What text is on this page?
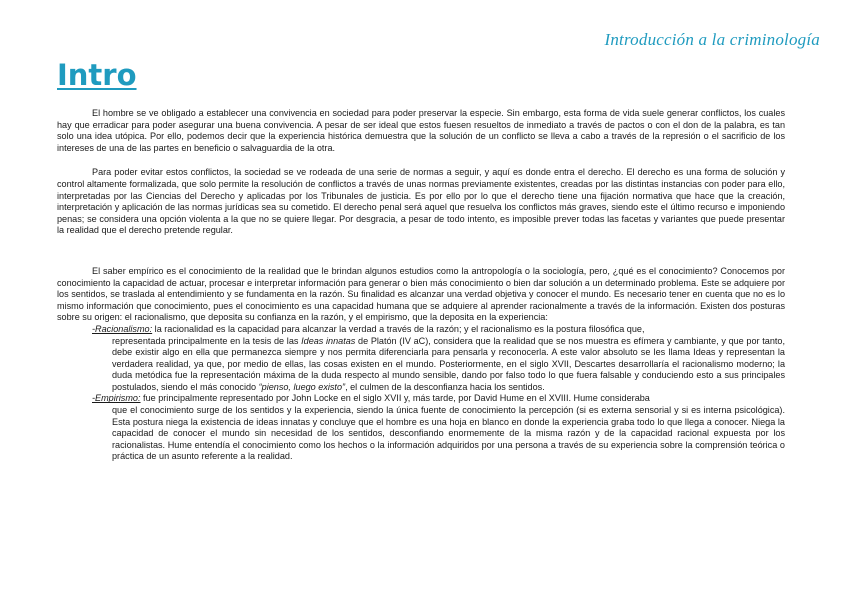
Introducción a la criminología
Intro

El hombre se ve obligado a establecer una convivencia en sociedad para poder preservar la especie. Sin embargo, esta forma de vida suele generar conflictos, los cuales hay que erradicar para poder asegurar una buena convivencia. A pesar de ser ideal que estos fuesen resueltos de inmediato a través de pactos o con el don de la palabra, es tan solo una idea utópica. Por ello, podemos decir que la experiencia histórica demuestra que la solución de un conflicto se lleva a cabo a través de la represión o el sacrificio de los intereses de una de las partes en beneficio o salvaguardia de la otra.

Para poder evitar estos conflictos, la sociedad se ve rodeada de una serie de normas a seguir, y aquí es donde entra el derecho. El derecho es una forma de solución y control altamente formalizada, que solo permite la resolución de conflictos a través de unas normas previamente existentes, creadas por las distintas instancias con poder para ello, interpretadas por las Ciencias del Derecho y aplicadas por los Tribunales de justicia. Es por ello por lo que el derecho tiene una fijación normativa que hace que la creación, interpretación y aplicación de las normas jurídicas sea su cometido. El derecho penal será aquel que resuelva los conflictos más graves, siendo este el último recurso e imponiendo penas; se considera una opción violenta a la que no se quiere llegar. Por desgracia, a pesar de todo intento, es imposible prever todas las facetas y variantes que puede presentar la realidad que el derecho pretende regular.

El saber empírico es el conocimiento de la realidad que le brindan algunos estudios como la antropología o la sociología, pero, ¿qué es el conocimiento? Conocemos por conocimiento la capacidad de actuar, procesar e interpretar información para generar o bien más conocimiento o bien dar solución a un determinado problema. Este se adquiere por los sentidos, se traslada al entendimiento y se fundamenta en la razón. Su finalidad es alcanzar una verdad objetiva y conocer el mundo. Es necesario tener en cuenta que no es lo mismo información que conocimiento, pues el conocimiento es una capacidad humana que se adquiere al aprender racionalmente a través de la información. Existen dos posturas sobre su origen: el racionalismo, que deposita su confianza en la razón, y el empirismo, que la deposita en la experiencia:

-Racionalismo: la racionalidad es la capacidad para alcanzar la verdad a través de la razón; y el racionalismo es la postura filosófica que,
representada principalmente en la tesis de las Ideas innatas de Platón (IV aC), considera que la realidad que se nos muestra es efímera y cambiante, y que por tanto, debe existir algo en ella que permanezca siempre y nos permita diferenciarla para pensarla y reconocerla. A este valor absoluto se les llama Ideas y representan la verdadera realidad, ya que, por medio de ellas, las cosas existen en el mundo. Posteriormente, en el siglo XVII, Descartes desarrollaría el racionalismo moderno; la duda metódica fue la representación máxima de la duda respecto al mundo sensible, dando por falso todo lo que fuera falsable y conduciendo esto a sus principales postulados, siendo el más conocido “pienso, luego existo”, el culmen de la desconfianza hacia los sentidos.
-Empirismo: fue principalmente representado por John Locke en el siglo XVII y, más tarde, por David Hume en el XVIII. Hume consideraba
que el conocimiento surge de los sentidos y la experiencia, siendo la única fuente de conocimiento la percepción (si es externa sensorial y si es interna psicológica). Esta postura niega la existencia de ideas innatas y concluye que el hombre es una hoja en blanco en donde la experiencia graba todo lo que llega a conocer. Niega la capacidad de conocer el mundo sin necesidad de los sentidos, desconfiando enormemente de la misma razón y de la capacidad racional expuesta por los racionalistas. Hume entendía el conocimiento como los hechos o la información adquiridos por una persona a través de su experiencia sobre la comprensión teórica o práctica de un asunto referente a la realidad.
